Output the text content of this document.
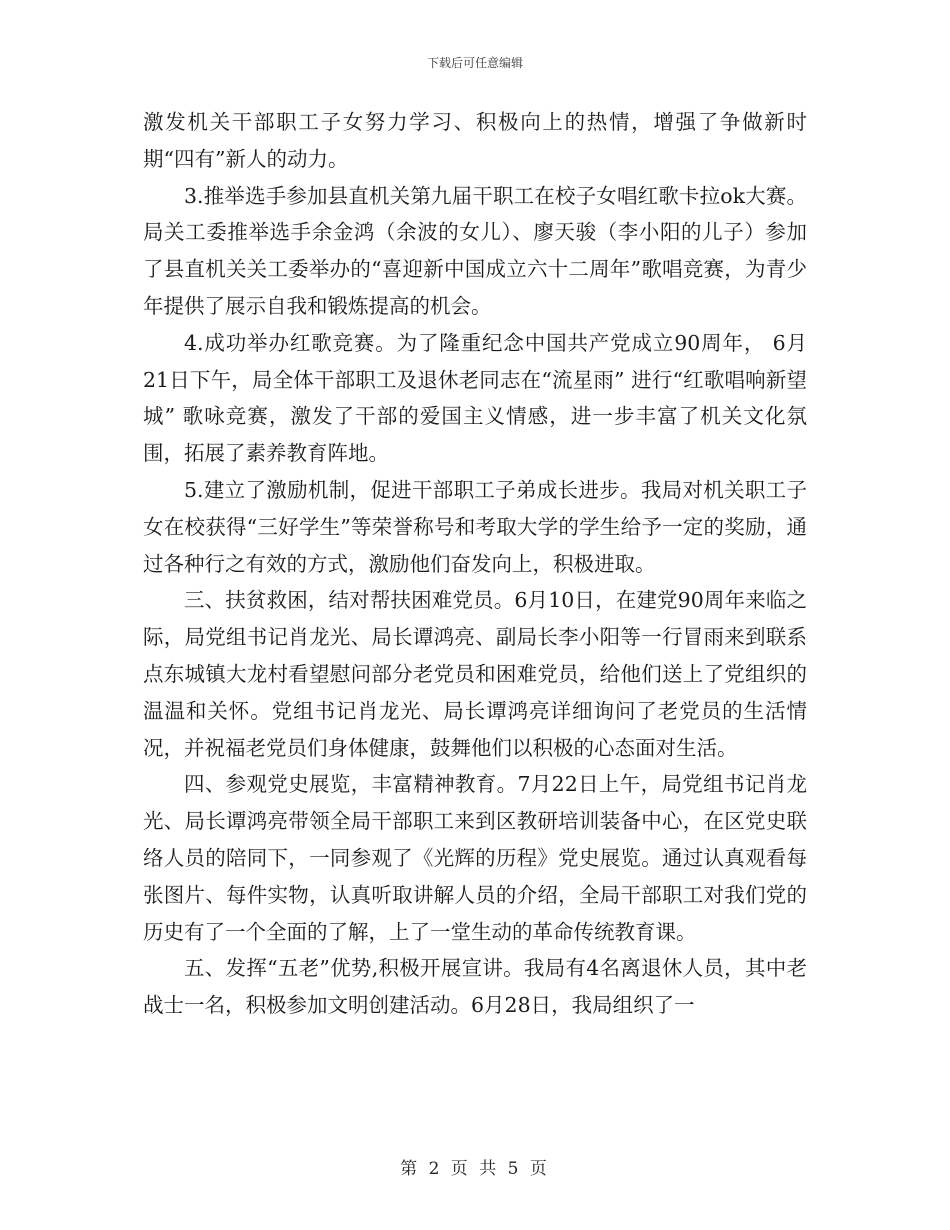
下载后可任意编辑

激发机关干部职工子女努力学习、积极向上的热情，增强了争做新时期“四有”新人的动力。

3.推举选手参加县直机关第九届干职工在校子女唱红歌卡拉ok大赛。局关工委推举选手余金鸿（余波的女儿）、廖天骏（李小阳的儿子）参加了县直机关关工委举办的“喜迎新中国成立六十二周年”歌唱竞赛，为青少年提供了展示自我和锻炼提高的机会。

4.成功举办红歌竞赛。为了隆重纪念中国共产党成立90周年， 6月21日下午，局全体干部职工及退休老同志在“流星雨” 进行“红歌唱响新望城” 歌咏竞赛，激发了干部的爱国主义情感，进一步丰富了机关文化氛围，拓展了素养教育阵地。

5.建立了激励机制，促进干部职工子弟成长进步。我局对机关职工子女在校获得“三好学生”等荣誉称号和考取大学的学生给予一定的奖励，通过各种行之有效的方式，激励他们奋发向上，积极进取。

三、扶贫救困，结对帮扶困难党员。6月10日，在建党90周年来临之际，局党组书记肖龙光、局长谭鸿亮、副局长李小阳等一行冒雨来到联系点东城镇大龙村看望慰问部分老党员和困难党员，给他们送上了党组织的温温和关怀。党组书记肖龙光、局长谭鸿亮详细询问了老党员的生活情况，并祝福老党员们身体健康，鼓舞他们以积极的心态面对生活。

四、参观党史展览，丰富精神教育。7月22日上午，局党组书记肖龙光、局长谭鸿亮带领全局干部职工来到区教研培训装备中心，在区党史联络人员的陪同下，一同参观了《光辉的历程》党史展览。通过认真观看每张图片、每件实物，认真听取讲解人员的介绍，全局干部职工对我们党的历史有了一个全面的了解，上了一堂生动的革命传统教育课。

五、发挥“五老”优势,积极开展宣讲。我局有4名离退休人员，其中老战士一名，积极参加文明创建活动。6月28日，我局组织了一

第 2 页 共 5 页
